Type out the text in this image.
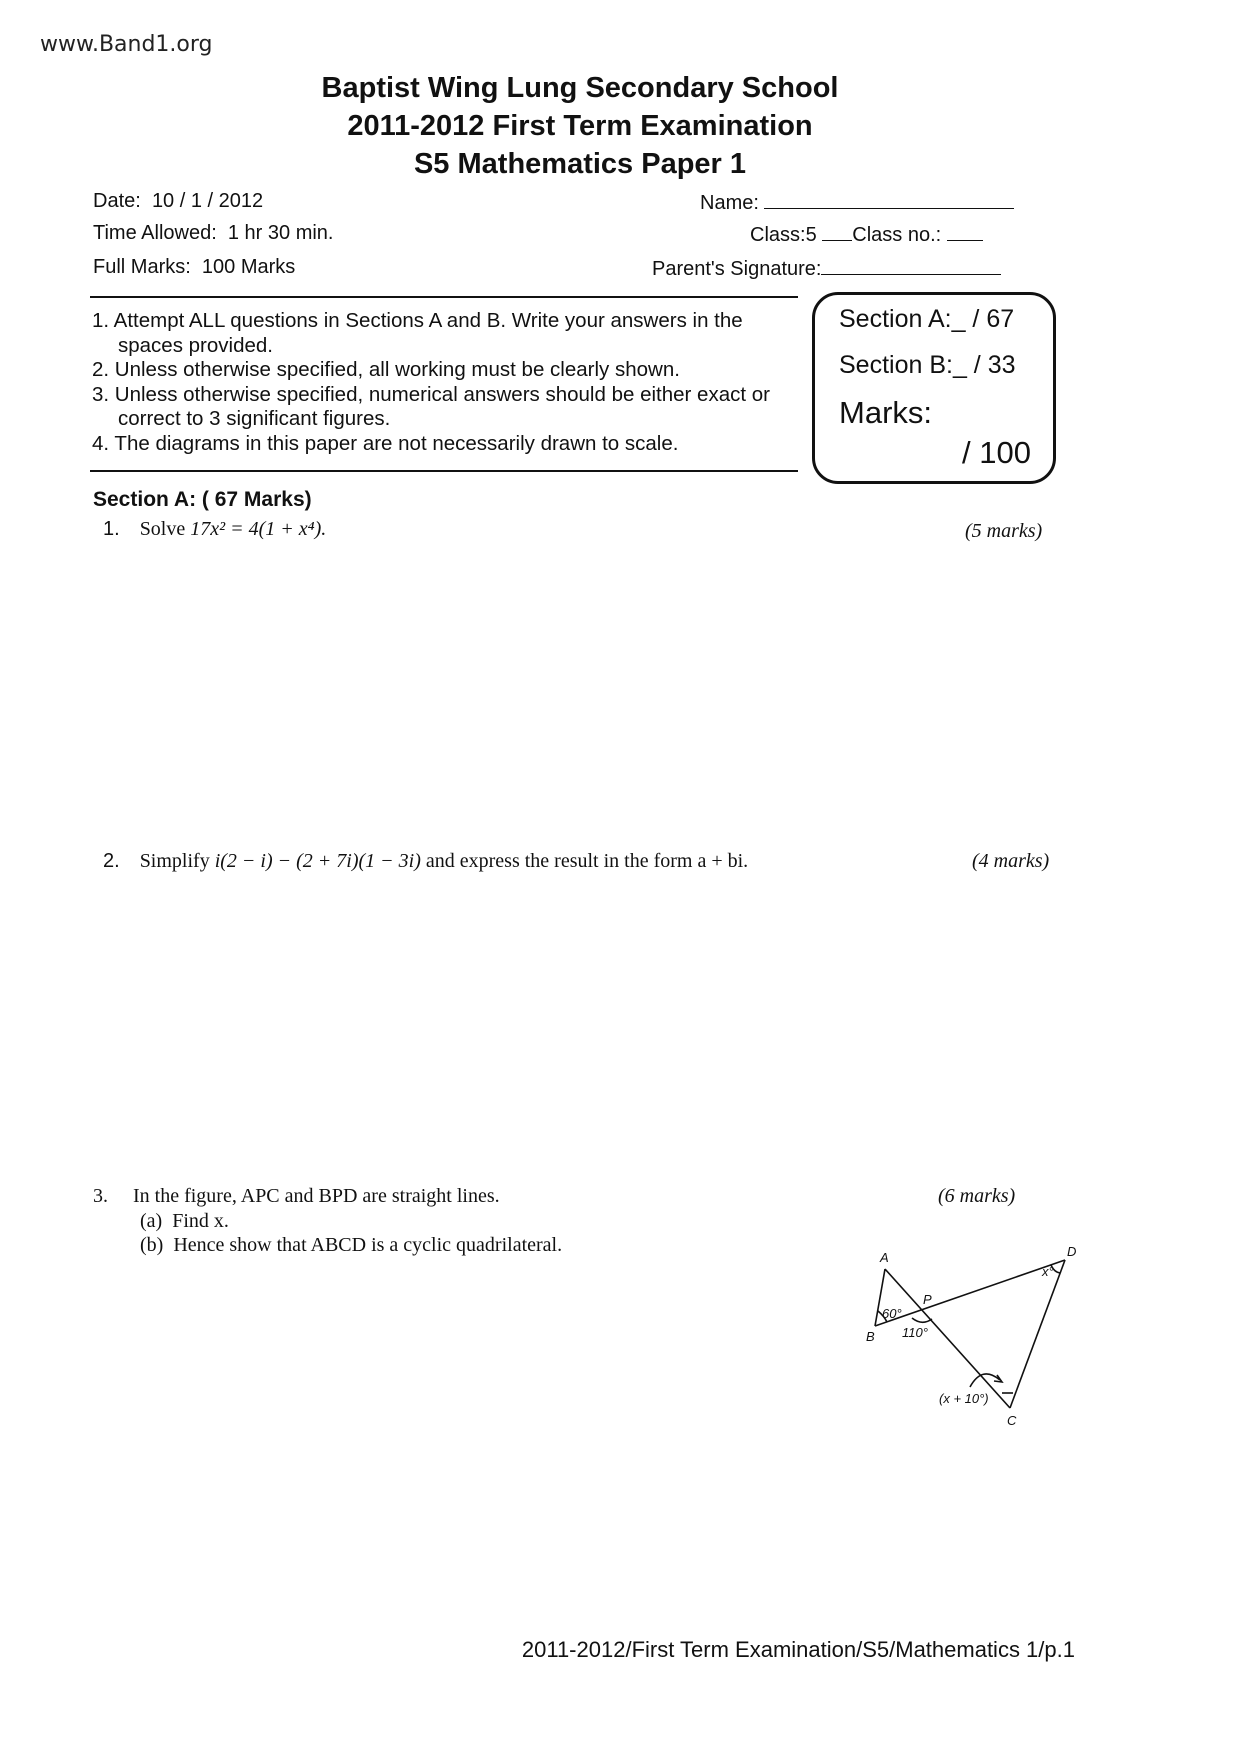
www.Band1.org
Baptist Wing Lung Secondary School
2011-2012 First Term Examination
S5 Mathematics Paper 1
Date: 10 / 1 / 2012
Time Allowed: 1 hr 30 min.
Full Marks: 100 Marks
Name:
Class:5 Class no.:
Parent's Signature:
1. Attempt ALL questions in Sections A and B. Write your answers in the spaces provided.
2. Unless otherwise specified, all working must be clearly shown.
3. Unless otherwise specified, numerical answers should be either exact or correct to 3 significant figures.
4. The diagrams in this paper are not necessarily drawn to scale.
Section A:_ / 67
Section B:_ / 33
Marks:
/ 100
Section A: ( 67 Marks)
1. Solve 17x² = 4(1 + x⁴).	(5 marks)
2. Simplify i(2 − i) − (2 + 7i)(1 − 3i) and express the result in the form a + bi.	(4 marks)
3. In the figure, APC and BPD are straight lines.
(a) Find x.
(b) Hence show that ABCD is a cyclic quadrilateral.
(6 marks)
A
B
C
D
P
60°
110°
x°
(x + 10°)
2011-2012/First Term Examination/S5/Mathematics 1/p.1
